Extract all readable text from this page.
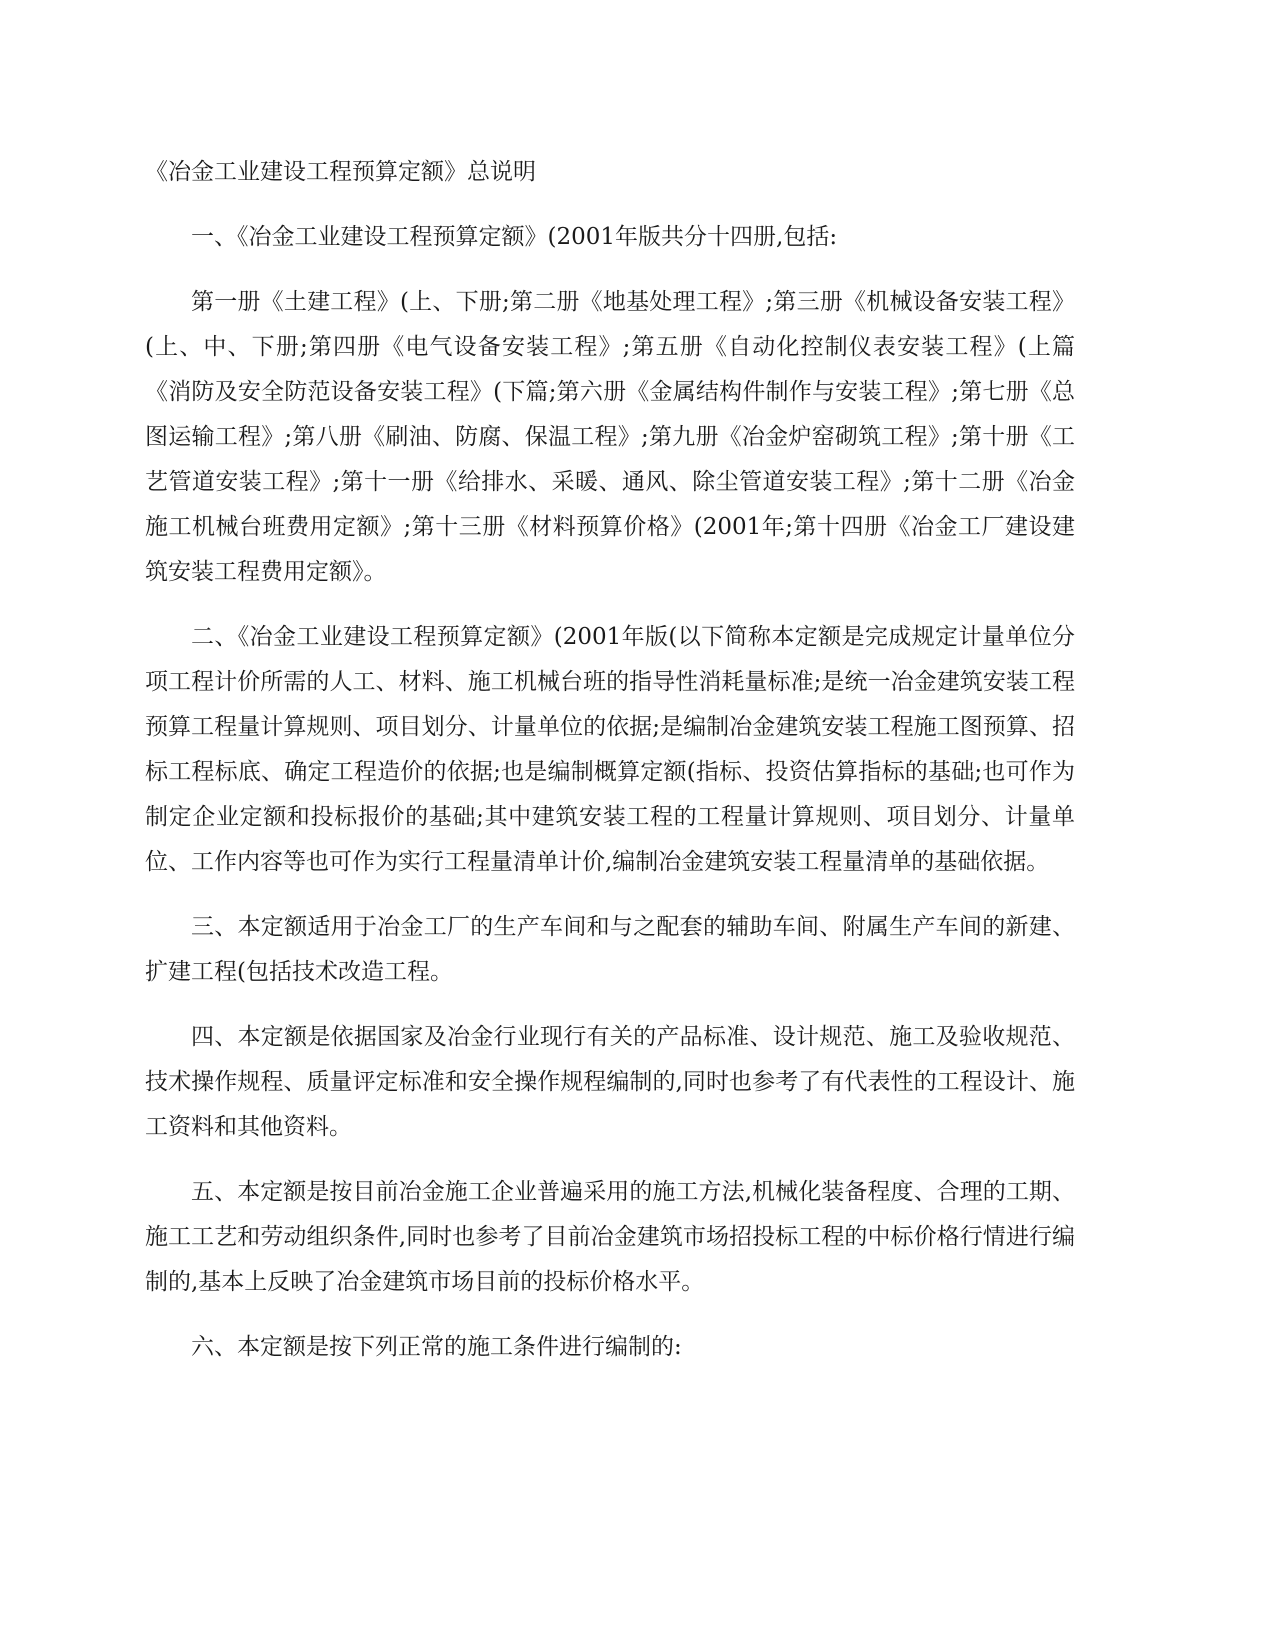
《冶金工业建设工程预算定额》总说明

一、《冶金工业建设工程预算定额》(2001年版共分十四册,包括:

第一册《土建工程》(上、下册;第二册《地基处理工程》;第三册《机械设备安装工程》(上、中、下册;第四册《电气设备安装工程》;第五册《自动化控制仪表安装工程》(上篇《消防及安全防范设备安装工程》(下篇;第六册《金属结构件制作与安装工程》;第七册《总图运输工程》;第八册《刷油、防腐、保温工程》;第九册《冶金炉窑砌筑工程》;第十册《工艺管道安装工程》;第十一册《给排水、采暖、通风、除尘管道安装工程》;第十二册《冶金施工机械台班费用定额》;第十三册《材料预算价格》(2001年;第十四册《冶金工厂建设建筑安装工程费用定额》。

二、《冶金工业建设工程预算定额》(2001年版(以下简称本定额是完成规定计量单位分项工程计价所需的人工、材料、施工机械台班的指导性消耗量标准;是统一冶金建筑安装工程预算工程量计算规则、项目划分、计量单位的依据;是编制冶金建筑安装工程施工图预算、招标工程标底、确定工程造价的依据;也是编制概算定额(指标、投资估算指标的基础;也可作为制定企业定额和投标报价的基础;其中建筑安装工程的工程量计算规则、项目划分、计量单位、工作内容等也可作为实行工程量清单计价,编制冶金建筑安装工程量清单的基础依据。

三、本定额适用于冶金工厂的生产车间和与之配套的辅助车间、附属生产车间的新建、扩建工程(包括技术改造工程。

四、本定额是依据国家及冶金行业现行有关的产品标准、设计规范、施工及验收规范、技术操作规程、质量评定标准和安全操作规程编制的,同时也参考了有代表性的工程设计、施工资料和其他资料。

五、本定额是按目前冶金施工企业普遍采用的施工方法,机械化装备程度、合理的工期、施工工艺和劳动组织条件,同时也参考了目前冶金建筑市场招投标工程的中标价格行情进行编制的,基本上反映了冶金建筑市场目前的投标价格水平。

六、本定额是按下列正常的施工条件进行编制的:
